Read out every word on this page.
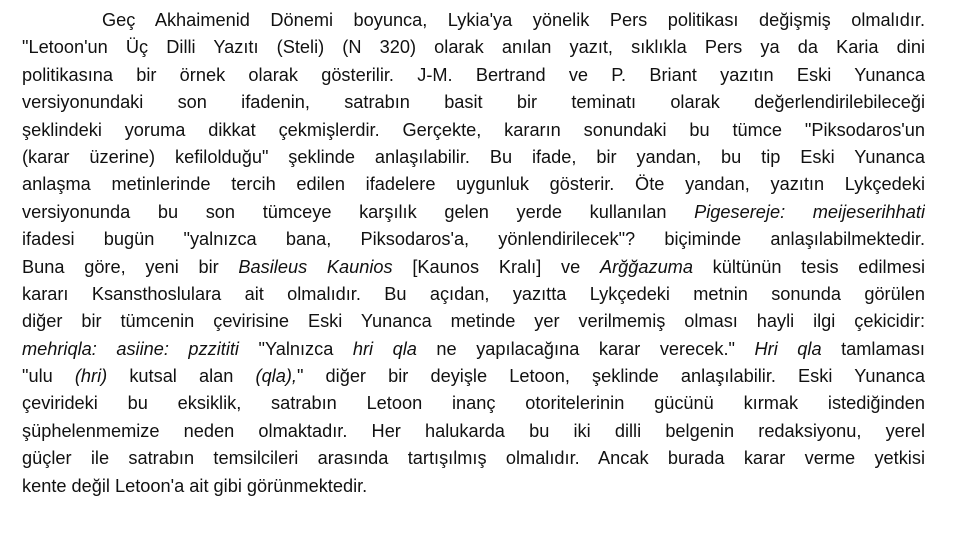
Geç Akhaimenid Dönemi boyunca, Lykia'ya yönelik Pers politikası değişmiş olmalıdır.
"Letoon'un Üç Dilli Yazıtı (Steli) (N 320) olarak anılan yazıt, sıklıkla Pers ya da Karia dini
politikasına bir örnek olarak gösterilir. J-M. Bertrand ve P. Briant yazıtın Eski Yunanca
versiyonundaki son ifadenin, satrabın basit bir teminatı olarak değerlendirilebileceği
şeklindeki yoruma dikkat çekmişlerdir. Gerçekte, kararın sonundaki bu tümce "Piksodaros'un
(karar üzerine) kefilolduğu" şeklinde anlaşılabilir. Bu ifade, bir yandan, bu tip Eski Yunanca
anlaşma metinlerinde tercih edilen ifadelere uygunluk gösterir. Öte yandan, yazıtın Lykçedeki
versiyonunda bu son tümceye karşılık gelen yerde kullanılan Pigesereje: meijeserihhati
ifadesi bugün "yalnızca bana, Piksodaros'a, yönlendirilecek"? biçiminde anlaşılabilmektedir.
Buna göre, yeni bir Basileus Kaunios [Kaunos Kralı] ve Arğğazuma kültünün tesis edilmesi
kararı Ksansthoslulara ait olmalıdır. Bu açıdan, yazıtta Lykçedeki metnin sonunda görülen
diğer bir tümcenin çevirisine Eski Yunanca metinde yer verilmemiş olması hayli ilgi çekicidir:
mehriqla: asiine: pzzititi "Yalnızca hri qla ne yapılacağına karar verecek." Hri qla tamlaması
"ulu (hri) kutsal alan (qla)," diğer bir deyişle Letoon, şeklinde anlaşılabilir. Eski Yunanca
çevirideki bu eksiklik, satrabın Letoon inanç otoritelerinin gücünü kırmak istediğinden
şüphelenmemize neden olmaktadır. Her halukarda bu iki dilli belgenin redaksiyonu, yerel
güçler ile satrabın temsilcileri arasında tartışılmış olmalıdır. Ancak burada karar verme yetkisi
kente değil Letoon'a ait gibi görünmektedir.
